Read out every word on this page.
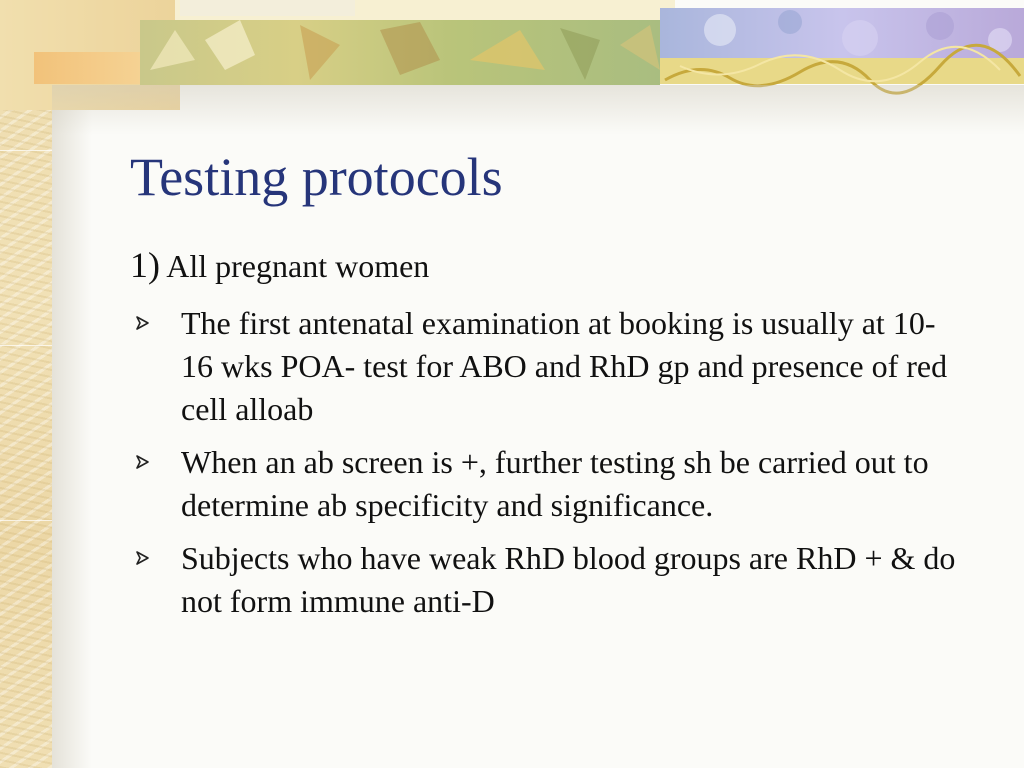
Testing protocols
1) All pregnant women
The first antenatal examination at booking is usually at 10-16 wks POA- test for ABO and RhD gp and presence of red cell alloab
When an ab screen is +, further testing sh be carried out to determine ab specificity and significance.
Subjects who have weak RhD blood groups are RhD + & do not form immune anti-D
